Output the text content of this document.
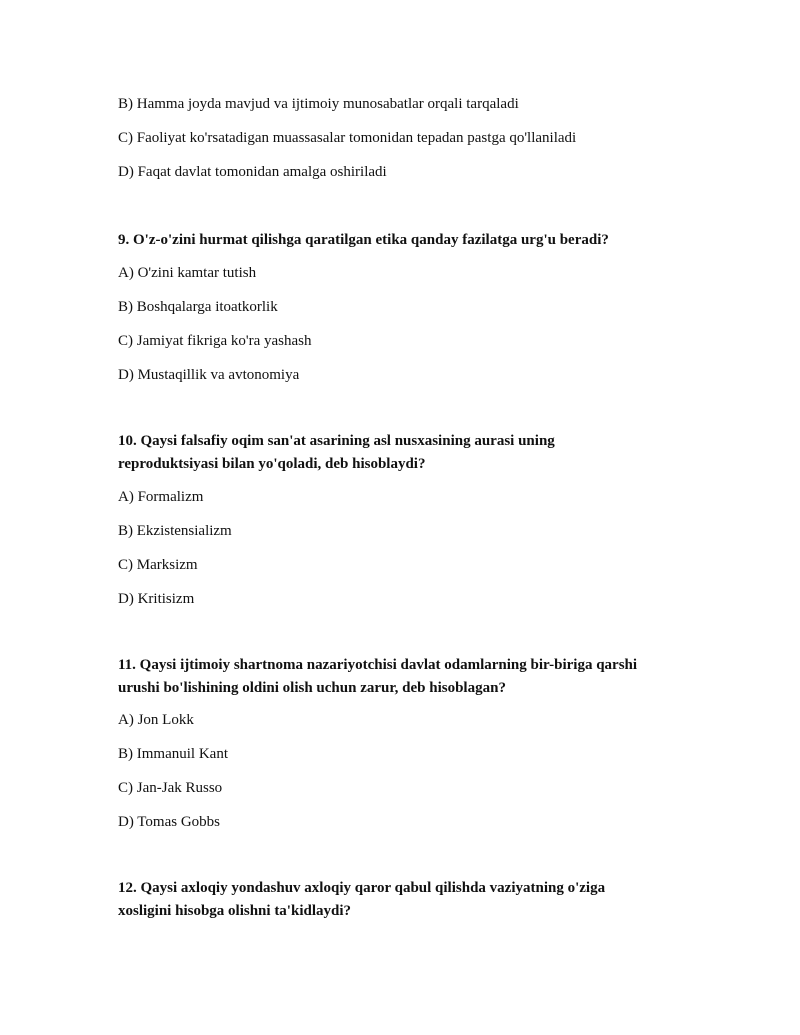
B) Hamma joyda mavjud va ijtimoiy munosabatlar orqali tarqaladi
C) Faoliyat ko'rsatadigan muassasalar tomonidan tepadan pastga qo'llaniladi
D) Faqat davlat tomonidan amalga oshiriladi
9. O'z-o'zini hurmat qilishga qaratilgan etika qanday fazilatga urg'u beradi?
A) O'zini kamtar tutish
B) Boshqalarga itoatkorlik
C) Jamiyat fikriga ko'ra yashash
D) Mustaqillik va avtonomiya
10. Qaysi falsafiy oqim san'at asarining asl nusxasining aurasi uning
reproduktsiyasi bilan yo'qoladi, deb hisoblaydi?
A) Formalizm
B) Ekzistensializm
C) Marksizm
D) Kritisizm
11. Qaysi ijtimoiy shartnoma nazariyotchisi davlat odamlarning bir-biriga qarshi
urushi bo'lishining oldini olish uchun zarur, deb hisoblagan?
A) Jon Lokk
B) Immanuil Kant
C) Jan-Jak Russo
D) Tomas Gobbs
12. Qaysi axloqiy yondashuv axloqiy qaror qabul qilishda vaziyatning o'ziga
xosligini hisobga olishni ta'kidlaydi?
